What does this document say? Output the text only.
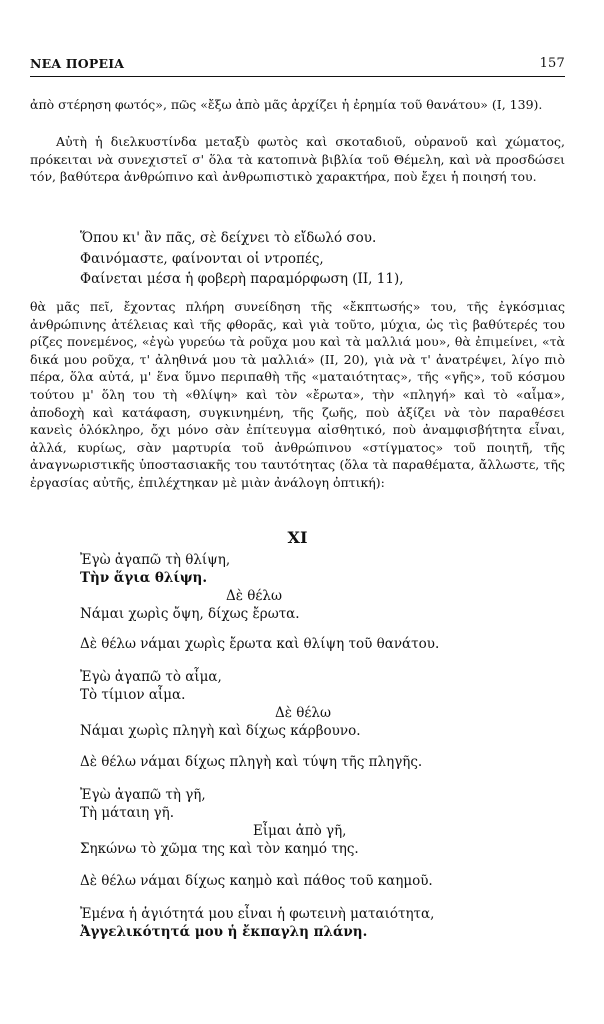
ΝΕΑ ΠΟΡΕΙΑ	157

ἀπὸ στέρηση φωτός», πῶς «ἔξω ἀπὸ μᾶς ἀρχίζει ἡ ἐρημία τοῦ θανάτου» (Ι, 139).

Αὐτὴ ἡ διελκυστίνδα μεταξὺ φωτὸς καὶ σκοταδιοῦ, οὐρανοῦ καὶ χώματος, πρόκειται νὰ συνεχιστεῖ σ' ὅλα τὰ κατοπινὰ βιβλία τοῦ Θέμελη, καὶ νὰ προσδώσει τόν, βαθύτερα ἀνθρώπινο καὶ ἀνθρωπιστικὸ χαρακτήρα, ποὺ ἔχει ἡ ποιησή του.

Ὅπου κι' ἂν πᾶς, σὲ δείχνει τὸ εἴδωλό σου.
Φαινόμαστε, φαίνονται οἱ ντροπές,
Φαίνεται μέσα ἡ φοβερὴ παραμόρφωση (ΙΙ, 11),

θὰ μᾶς πεῖ, ἔχοντας πλήρη συνείδηση τῆς «ἔκπτωσής» του, τῆς ἐγκόσμιας ἀνθρώπινης ἀτέλειας καὶ τῆς φθορᾶς, καὶ γιὰ τοῦτο, μύχια, ὡς τὶς βαθύτερές του ρίζες πονεμένος, «ἐγὼ γυρεύω τὰ ροῦχα μου καὶ τὰ μαλλιά μου», θὰ ἐπιμείνει, «τὰ δικά μου ροῦχα, τ' ἀληθινά μου τὰ μαλλιά» (ΙΙ, 20), γιὰ νὰ τ' ἀνατρέψει, λίγο πιὸ πέρα, ὅλα αὐτά, μ' ἕνα ὕμνο περιπαθὴ τῆς «ματαιότητας», τῆς «γῆς», τοῦ κόσμου τούτου μ' ὅλη του τὴ «θλίψη» καὶ τὸν «ἔρωτα», τὴν «πληγή» καὶ τὸ «αἷμα», ἀποδοχὴ καὶ κατάφαση, συγκινημένη, τῆς ζωῆς, ποὺ ἀξίζει νὰ τὸν παραθέσει κανεὶς ὁλόκληρο, ὄχι μόνο σὰν ἐπίτευγμα αἰσθητικό, ποὺ ἀναμφισβήτητα εἶναι, ἀλλά, κυρίως, σὰν μαρτυρία τοῦ ἀνθρώπινου «στίγματος» τοῦ ποιητῆ, τῆς ἀναγνωριστικῆς ὑποστασιακῆς του ταυτότητας (ὅλα τὰ παραθέματα, ἄλλωστε, τῆς ἐργασίας αὐτῆς, ἐπιλέχτηκαν μὲ μιὰν ἀνάλογη ὀπτική):

XI
Ἐγὼ ἀγαπῶ τὴ θλίψη,
Τὴν ἅγια θλίψη.
Δὲ θέλω
Νάμαι χωρὶς ὄψη, δίχως ἔρωτα.
Δὲ θέλω νάμαι χωρὶς ἔρωτα καὶ θλίψη τοῦ θανάτου.
Ἐγὼ ἀγαπῶ τὸ αἷμα,
Τὸ τίμιον αἷμα.
Δὲ θέλω
Νάμαι χωρὶς πληγὴ καὶ δίχως κάρβουνο.
Δὲ θέλω νάμαι δίχως πληγὴ καὶ τύψη τῆς πληγῆς.
Ἐγὼ ἀγαπῶ τὴ γῆ,
Τὴ μάταιη γῆ.
Εἶμαι ἀπὸ γῆ,
Σηκώνω τὸ χῶμα της καὶ τὸν καημό της.
Δὲ θέλω νάμαι δίχως καημὸ καὶ πάθος τοῦ καημοῦ.
Ἐμένα ἡ ἁγιότητά μου εἶναι ἡ φωτεινὴ ματαιότητα,
Ἀγγελικότητά μου ἡ ἔκπαγλη πλάνη.
